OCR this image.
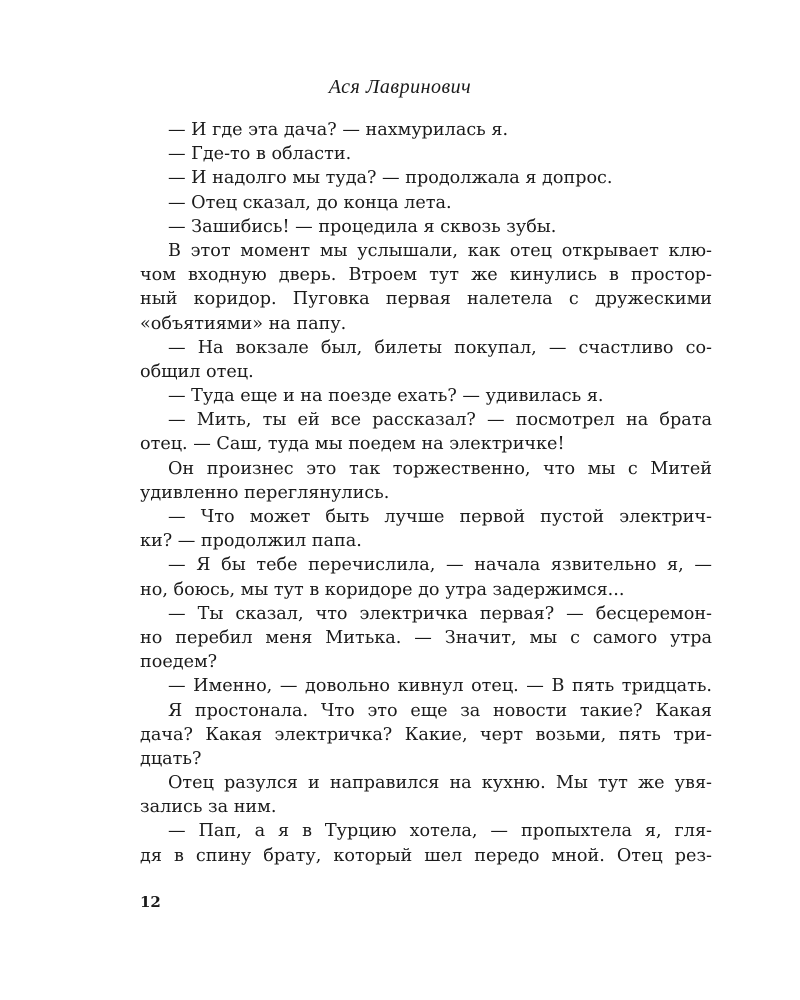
Ася Лавринович
— И где эта дача? — нахмурилась я.
— Где-то в области.
— И надолго мы туда? — продолжала я допрос.
— Отец сказал, до конца лета.
— Зашибись! — процедила я сквозь зубы.
В этот момент мы услышали, как отец открывает клю-
чом входную дверь. Втроем тут же кинулись в простор-
ный коридор. Пуговка первая налетела с дружескими
«объятиями» на папу.
— На вокзале был, билеты покупал, — счастливо со-
общил отец.
— Туда еще и на поезде ехать? — удивилась я.
— Мить, ты ей все рассказал? — посмотрел на брата
отец. — Саш, туда мы поедем на электричке!
Он произнес это так торжественно, что мы с Митей
удивленно переглянулись.
— Что может быть лучше первой пустой электрич-
ки? — продолжил папа.
— Я бы тебе перечислила, — начала язвительно я, —
но, боюсь, мы тут в коридоре до утра задержимся...
— Ты сказал, что электричка первая? — бесцеремон-
но перебил меня Митька. — Значит, мы с самого утра
поедем?
— Именно, — довольно кивнул отец. — В пять тридцать.
Я простонала. Что это еще за новости такие? Какая
дача? Какая электричка? Какие, черт возьми, пять три-
дцать?
Отец разулся и направился на кухню. Мы тут же увя-
зались за ним.
— Пап, а я в Турцию хотела, — пропыхтела я, гля-
дя в спину брату, который шел передо мной. Отец рез-
12
